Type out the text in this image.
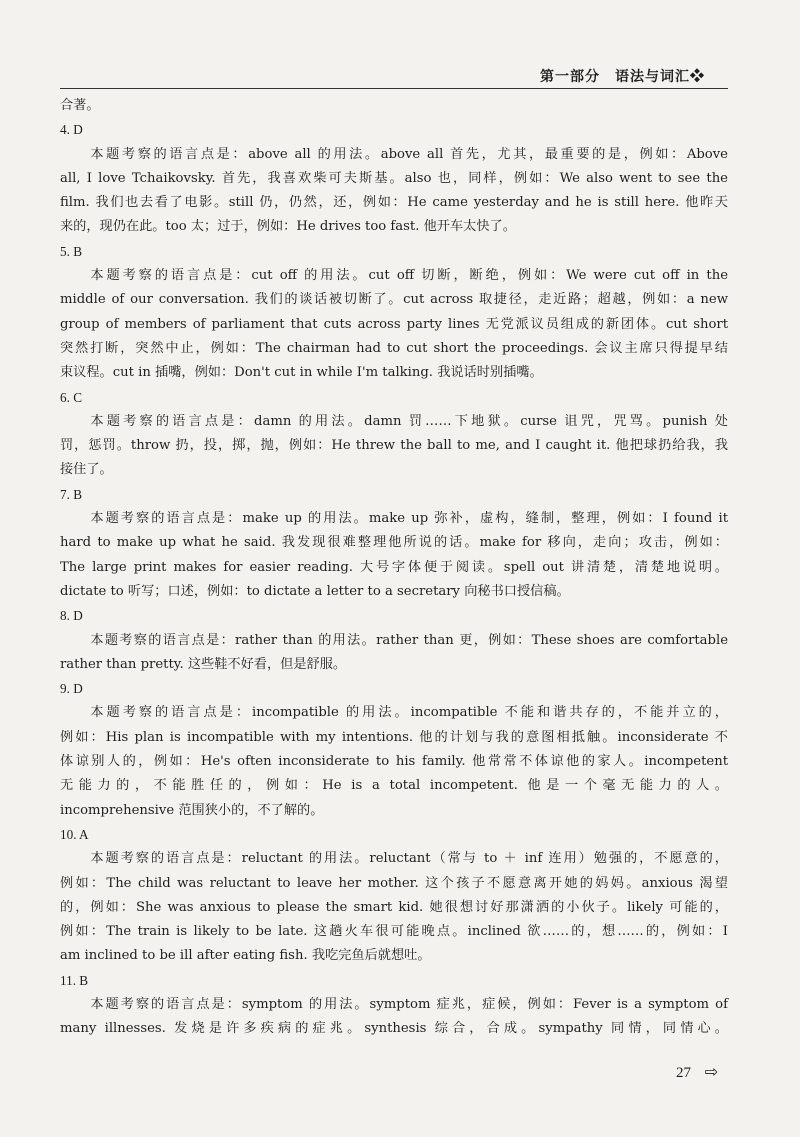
第一部分　语法与词汇❖
合著。
4. D
本题考察的语言点是：above all 的用法。above all 首先，尤其，最重要的是，例如：Above
all, I love Tchaikovsky. 首先，我喜欢柴可夫斯基。also 也，同样，例如：We also went to see the
film. 我们也去看了电影。still 仍，仍然，还，例如：He came yesterday and he is still here. 他昨天
来的，现仍在此。too 太；过于，例如：He drives too fast. 他开车太快了。
5. B
本题考察的语言点是：cut off 的用法。cut off 切断，断绝，例如：We were cut off in the
middle of our conversation. 我们的谈话被切断了。cut across 取捷径，走近路；超越，例如：a new
group of members of parliament that cuts across party lines 无党派议员组成的新团体。cut short
突然打断，突然中止，例如：The chairman had to cut short the proceedings. 会议主席只得提早结
束议程。cut in 插嘴，例如：Don't cut in while I'm talking. 我说话时别插嘴。
6. C
本题考察的语言点是：damn 的用法。damn 罚……下地狱。curse 诅咒，咒骂。punish 处
罚，惩罚。throw 扔，投，掷，抛，例如：He threw the ball to me, and I caught it. 他把球扔给我，我
接住了。
7. B
本题考察的语言点是：make up 的用法。make up 弥补，虚构，缝制，整理，例如：I found it
hard to make up what he said. 我发现很难整理他所说的话。make for 移向，走向；攻击，例如：
The large print makes for easier reading. 大号字体便于阅读。spell out 讲清楚，清楚地说明。
dictate to 听写；口述，例如：to dictate a letter to a secretary 向秘书口授信稿。
8. D
本题考察的语言点是：rather than 的用法。rather than 更，例如：These shoes are comfortable
rather than pretty. 这些鞋不好看，但是舒服。
9. D
本题考察的语言点是：incompatible 的用法。incompatible 不能和谐共存的，不能并立的，
例如：His plan is incompatible with my intentions. 他的计划与我的意图相抵触。inconsiderate 不
体谅别人的，例如：He's often inconsiderate to his family. 他常常不体谅他的家人。incompetent
无能力的，不能胜任的，例如：He is a total incompetent. 他是一个毫无能力的人。
incomprehensive 范围狭小的，不了解的。
10. A
本题考察的语言点是：reluctant 的用法。reluctant（常与 to ＋ inf 连用）勉强的，不愿意的，
例如：The child was reluctant to leave her mother. 这个孩子不愿意离开她的妈妈。anxious 渴望
的，例如：She was anxious to please the smart kid. 她很想讨好那潇洒的小伙子。likely 可能的，
例如：The train is likely to be late. 这趟火车很可能晚点。inclined 欲……的，想……的，例如：I
am inclined to be ill after eating fish. 我吃完鱼后就想吐。
11. B
本题考察的语言点是：symptom 的用法。symptom 症兆，症候，例如：Fever is a symptom of
many illnesses. 发烧是许多疾病的症兆。synthesis 综合，合成。sympathy 同情，同情心。
27 ⇨
